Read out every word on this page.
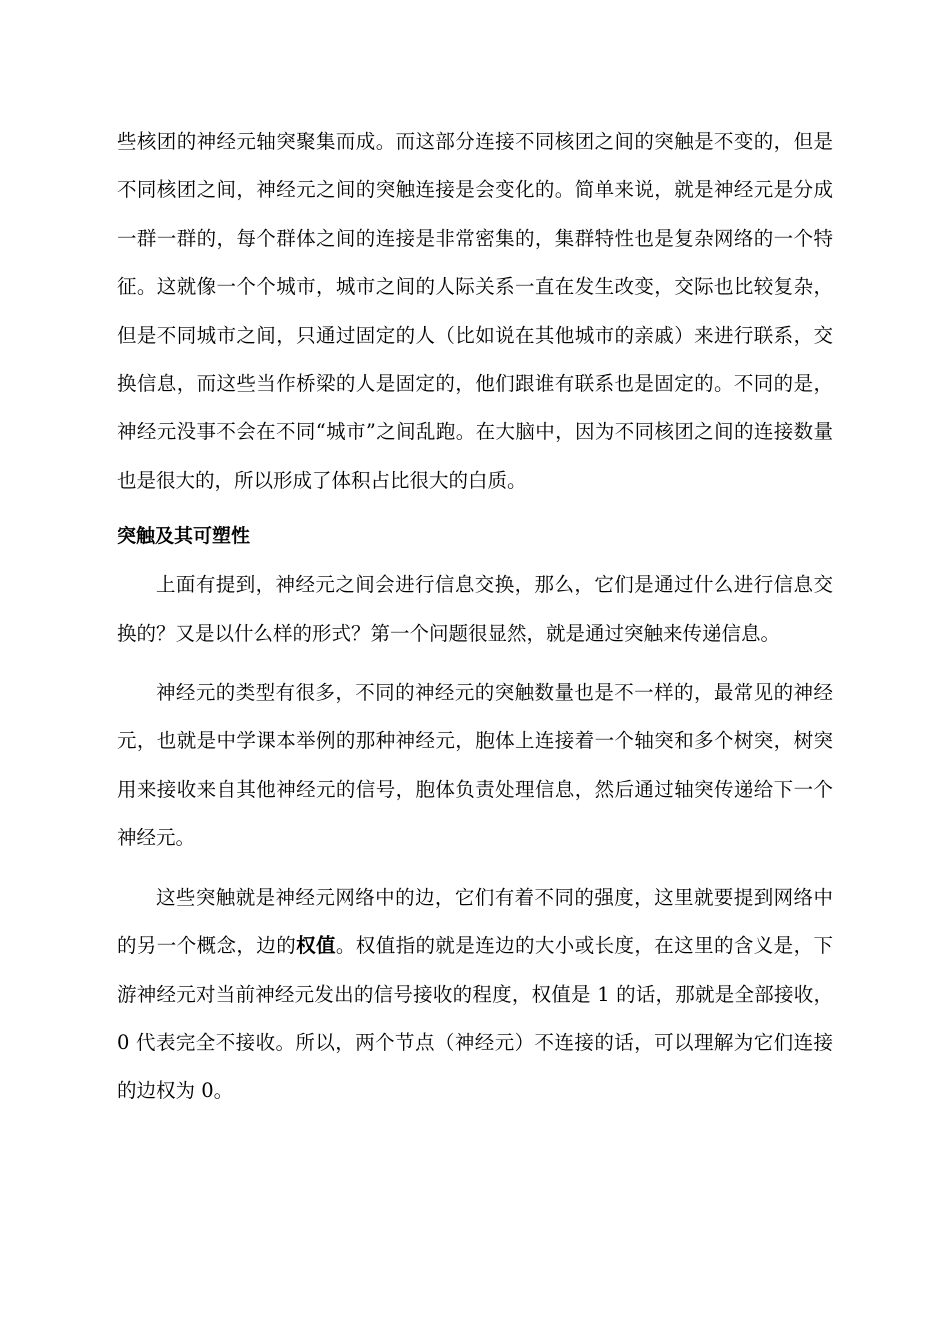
些核团的神经元轴突聚集而成。而这部分连接不同核团之间的突触是不变的，但是不同核团之间，神经元之间的突触连接是会变化的。简单来说，就是神经元是分成一群一群的，每个群体之间的连接是非常密集的，集群特性也是复杂网络的一个特征。这就像一个个城市，城市之间的人际关系一直在发生改变，交际也比较复杂，但是不同城市之间，只通过固定的人（比如说在其他城市的亲戚）来进行联系，交换信息，而这些当作桥梁的人是固定的，他们跟谁有联系也是固定的。不同的是，神经元没事不会在不同“城市”之间乱跑。在大脑中，因为不同核团之间的连接数量也是很大的，所以形成了体积占比很大的白质。

突触及其可塑性

上面有提到，神经元之间会进行信息交换，那么，它们是通过什么进行信息交换的？又是以什么样的形式？第一个问题很显然，就是通过突触来传递信息。

神经元的类型有很多，不同的神经元的突触数量也是不一样的，最常见的神经元，也就是中学课本举例的那种神经元，胞体上连接着一个轴突和多个树突，树突用来接收来自其他神经元的信号，胞体负责处理信息，然后通过轴突传递给下一个神经元。

这些突触就是神经元网络中的边，它们有着不同的强度，这里就要提到网络中的另一个概念，边的权值。权值指的就是连边的大小或长度，在这里的含义是，下游神经元对当前神经元发出的信号接收的程度，权值是 1 的话，那就是全部接收，0 代表完全不接收。所以，两个节点（神经元）不连接的话，可以理解为它们连接的边权为 0。
